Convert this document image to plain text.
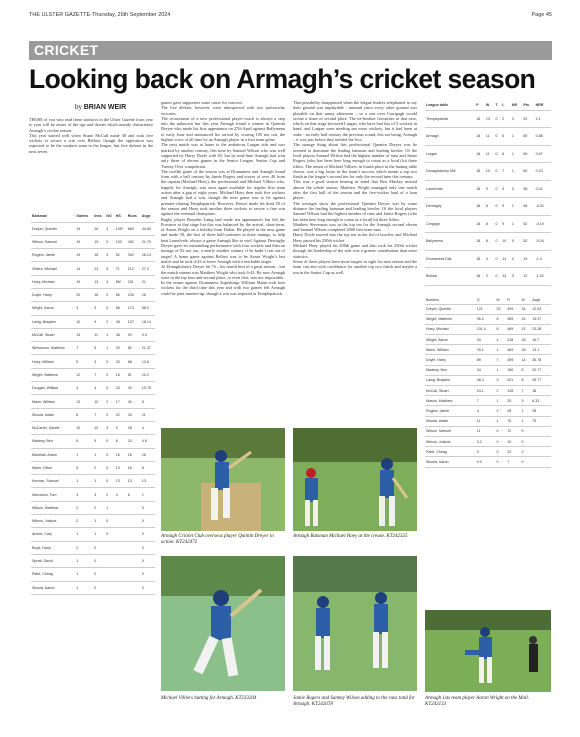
THE ULSTER GAZETTE-Thursday, 26th September 2024	Page 45
CRICKET
Looking back on Armagh’s cricket season
by BRIAN WEIR

THOSE of you who read these statistics in the Ulster Gazette from year to year will be aware of the ups and downs which mainly characterise Armagh’s cricket season.

This year started well when Stuart McCall made 38 and took five wickets to secure a win over Belfast, though the opposition was expected to be the weakest team in the league, but five defeats in the next seven

games gave supporters some cause for concern.

The five defeats, however, were interspersed with two spectacular victories.

The recruitment of a new professional player-coach is always a step into the unknown but this year Armagh found a winner in Quentin Dreyer who made his first appearance on 27th April against Ballymena to early June and announced his arrival by scoring 105 not out, the highest score of all time by an Armagh player in a first team game.

The next match was at home to the ambitious Lurgan side and was marked by another century, this time by Samuel Wilson who was well supported by Harry Doyle with 65, but by mid-June Armagh had won only three of eleven games in the Senior League, Senior Cup and Twenty Over competition.

The twelfth game of the season was at Drumaness and Armagh found form with a half century by Jamie Rogers and scores of over 40 from the captain (Michael Hoey), the professional and Michael Villiers who, happily for Armagh, was once again available for regular first team action after a gap of eight years. Michael Hoey then took five wickets and Armagh had a win, though the next game was to be against premier-chasing Templepatrick. However, Dreyer made his third 50 of the season and Hoey took another three wickets to secure a fine win against the eventual champions.

Rugby player Brayden Laing had made ten appearances but left the Province at that stage but this was balanced by the arrival, short-term, of Aaron Wright on a holiday from Dubai. He played in the next game and made 58, the first of three half-centuries in three innings, to help beat Laurelvale, always a game Armagh like to win! Against Derriaghy Dreyer gave an outstanding performance with four wickets and then an innings of 92 not out, a nearly another century if he hadn’t run out of target! A home game against Belfast was to be Aaron Wright’s last match and he took 4-43 to leave Armagh with a reachable target.

At Donaghcloney Dreyer hit 76 – his fourth best of a great season – but the match winner was Matthew Wright who took 6-43. By now Armagh were in the top four and second place, or even first, was not impossible.

In the return against Drumaness Superkings William Mann took four wickets for the third time this year and with two games left Armagh could be joint runners-up, though a win was required at Templepatrick.

That possibility disappeared when the league leaders telephoned to say their ground was unplayable - unusual since every other ground was playable on that sunny afternoon – so a win over Carrigagh would secure a share of second place. The tie-breaker favourites in that case, which on that stage favoured Lurgan, who have had lots of 5 wickets in hand, and Lurgan were needing ten more wickets, but it had been at stake - an early half century the previous round, this not being, Armagh – it was just before they needed the loss.

The strange thing about this professional Quentin Dreyer was he seemed to dominate the leading batsman and leading bowler. Of the local players Samuel Wilson had the highest number of runs and Jamie Rogers (who has been here long enough to count as a local) hit three fifties. The return of Michael Villiers, in fourth place in the batting table shown, was a big factor in the team’s success which meant a top two finish in the league’s second tier for only the second time this century.

This was a good season bearing in mind that Ben Mackey missed almost the whole season, Matthew Wright managed only one match after the first half of the season and the five-wicket haul of a loan player.

The averages show the professional Quentin Dreyer was by some distance the leading batsman and leading bowler. Of the local players Samuel Wilson had the highest number of runs and Jamie Rogers (who has been here long enough to count as a local) hit three fifties.

Matthew Stevenson was in the top ten for the Armagh second eleven and Samuel Wilson completed 2000 first team runs.

Harry Doyle moved into the top ten in the list of bowlers and Michael Hoey passed his 250th wicket.

Michael Hoey played his 200th game and also took his 250th wicket through his leadership of the side was a greater contribution than mere statistics.

Some of these players have more targets in sight for next season and the team can aim with confidence for another top two finish and maybe a run in the Senior Cup as well.

Batsman	Games	Inns	NO	HS	Runs	Avge
Dreyer, Quentin	19	16	3	105*	669	44.60
Wilson, Samuel	19	19	0	100	432	21.79
Rogers, Jamie	19	18	3	52	392	26.13
Villiers, Michael	14	13	5	71	212	27.2
Hoey, Michael	19	13	4	66*	231	21
Doyle, Harry	20	16	2	65	226	16
Wright, Aaron	3	3	0	58	174	58.0
Laing, Brayden	10	9	2	45	127	18.14
McCall, Stuart	15	11	1	38	93	9.3
Stevenson, Matthew	7	5	1	33	82	21.37
Hoey, William	5	3	0	33	68	13.6
Wright, Matthew	12	7	2	18	51	10.2
Dougan, William	4	4	0	23	43	10.75
Mann, William	13	10	2	17	40	5
Woods, Adam	8	7	2	22	33	11
McCarter, Gareth	10	10	3	9	28	4
Madeey, Ben	6	5	0	8	24	4.8
Marshall, Adam	1	1	0	16	16	16
Mann, Oliver	5	2	0	13	16	8
Kennan, Samuel	1	1	0	13	13	13
Nicholson, Tom	4	3	2	4	6	1
Wilson, Matthew	2	2	1			3
Wilson, Joshua	2	1	0			0
Archer, Cary	1	1	0			0
Boyd, Harry	2	0				0
Spratt, David	1	0				0
Patel, Chirag	1	0				0
Woods, Aaron	1	0				0
League table	P	W	T	L	NR	Pts	NRR
Templepatrick	18	13	0	2	3	92	2.1
Armagh	18	11	0	6	1	69	0.88
Lurgan	18	11	0	6	1	69	0.67
Donaghcloney Mill	18	10	0	7	1	60	0.23
Laurelvale	18	9	0	9	0	58	0.01
Derriaghy	18	8	0	9	1	56	-0.32
Cregagh	18	8	0	9	1	52	-0.19
Ballymena	18	8	0	10	0	52	-0.24
Drumaness Ella	18	4	0	14	0	19	-1.4
Belfast	18	2	0	13	3	12	-1.52
Bowlers	O	M	R	W	Avge
Dreyer, Quentin	121	33	409	34	12.03
Wright, Matthew	96.2	8	369	24	15.37
Hoey, Michael	101.4	8	489	21	23.28
Wright, Aaron	43	4	218	18	16.7
Mann, William	78.1	1	369	28	13.1
Doyle, Harry	89	7	499	14	35.78
Madeey, Ben	34	1	160	8	20.77
Laing, Brayden	48.3	3	201	8	25.77
McCall, Stuart	24.1	2	128	7	18
Mason, Matthew	7	1	25	3	8.33
Rogers, Jamie	4	0	28	1	28
Woods, Adam	11	1	75	1	75
Wilson, Samuel	11	0	72	0	
Wilson, Joshua	3.2	0	19	0	
Patel, Chirag	3	0	22	0	
Woods, Aaron	0.3	0	7	0	
Armagh Cricket Club overseas player Quintin Dreyer in action. KT242472
Armagh Batsman Michael Hoey at the crease. KT242325
Michael Villiers batting for Armagh. KT233204	Jamie Rogers and Sammy Wilson adding to the runs total for Armagh. KT242678
Armagh 1sts team player Aaron Wright on the Mall. KT243133
